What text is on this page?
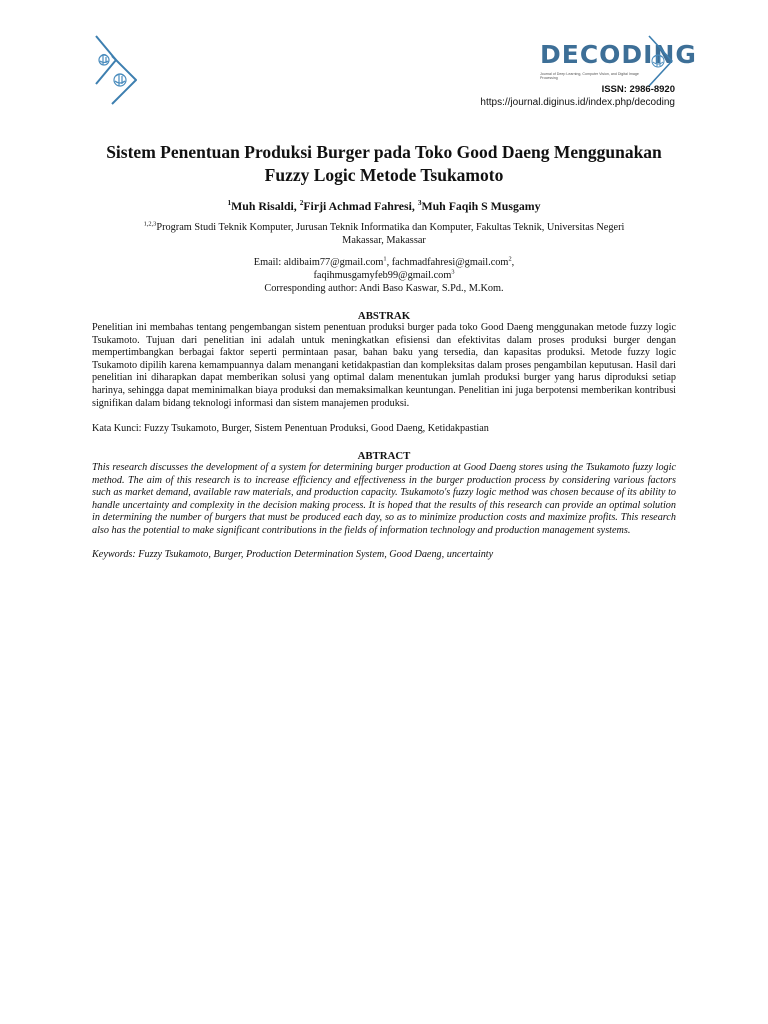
DECODING
Journal of Deep Learning, Computer Vision, and Digital Image Processing
ISSN: 2986-8920
https://journal.diginus.id/index.php/decoding
Sistem Penentuan Produksi Burger pada Toko Good Daeng Menggunakan
Fuzzy Logic Metode Tsukamoto
$^1$Muh Risaldi, $^2$Firji Achmad Fahresi, $^3$Muh Faqih S Musgamy
$^{1,2,3}$Program Studi Teknik Komputer, Jurusan Teknik Informatika dan Komputer, Fakultas Teknik, Universitas Negeri
Makassar, Makassar
Email: aldibaim77@gmail.com$^1$, fachmadfahresi@gmail.com$^2$,
faqihmusgamyfeb99@gmail.com$^3$
Corresponding author: Andi Baso Kaswar, S.Pd., M.Kom.
ABSTRAK

Penelitian ini membahas tentang pengembangan sistem penentuan produksi burger pada toko Good Daeng menggunakan metode fuzzy logic Tsukamoto. Tujuan dari penelitian ini adalah untuk meningkatkan efisiensi dan efektivitas dalam proses produksi burger dengan mempertimbangkan berbagai faktor seperti permintaan pasar, bahan baku yang tersedia, dan kapasitas produksi. Metode fuzzy logic Tsukamoto dipilih karena kemampuannya dalam menangani ketidakpastian dan kompleksitas dalam proses pengambilan keputusan. Hasil dari penelitian ini diharapkan dapat memberikan solusi yang optimal dalam menentukan jumlah produksi burger yang harus diproduksi setiap harinya, sehingga dapat meminimalkan biaya produksi dan memaksimalkan keuntungan. Penelitian ini juga berpotensi memberikan kontribusi signifikan dalam bidang teknologi informasi dan sistem manajemen produksi.

Kata Kunci: Fuzzy Tsukamoto, Burger, Sistem Penentuan Produksi, Good Daeng, Ketidakpastian

ABTRACT

This research discusses the development of a system for determining burger production at Good Daeng stores using the Tsukamoto fuzzy logic method. The aim of this research is to increase efficiency and effectiveness in the burger production process by considering various factors such as market demand, available raw materials, and production capacity. Tsukamoto's fuzzy logic method was chosen because of its ability to handle uncertainty and complexity in the decision making process. It is hoped that the results of this research can provide an optimal solution in determining the number of burgers that must be produced each day, so as to minimize production costs and maximize profits. This research also has the potential to make significant contributions in the fields of information technology and production management systems.

Keywords: Fuzzy Tsukamoto, Burger, Production Determination System, Good Daeng, uncertainty
